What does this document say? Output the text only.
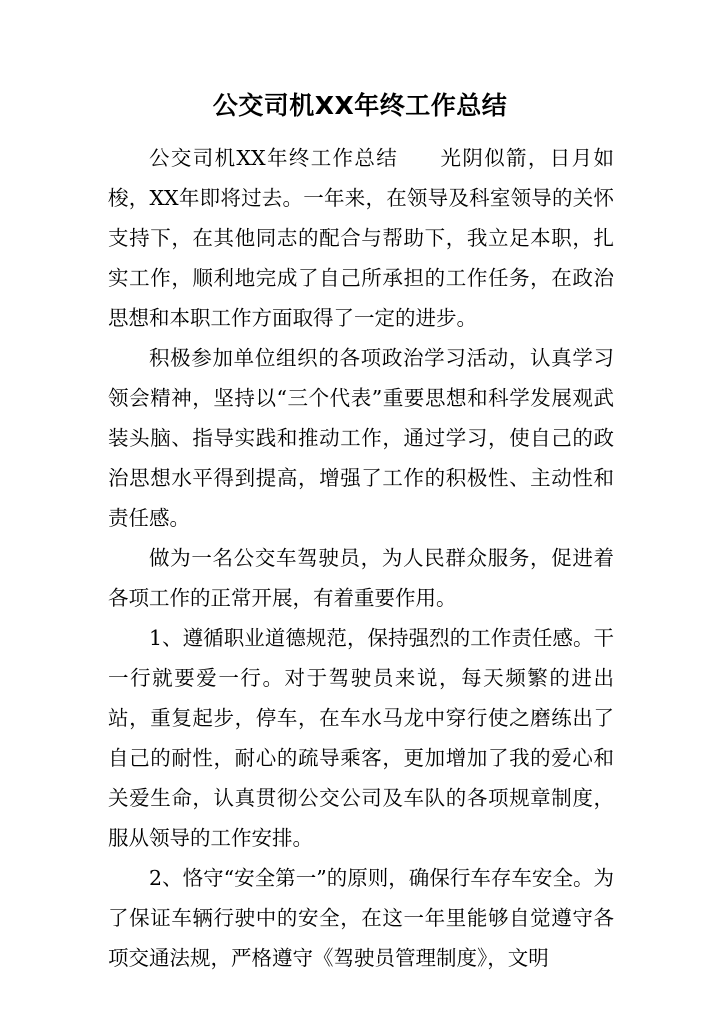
公交司机XX年终工作总结

公交司机XX年终工作总结 光阴似箭，日月如梭，XX年即将过去。一年来，在领导及科室领导的关怀支持下，在其他同志的配合与帮助下，我立足本职，扎实工作，顺利地完成了自己所承担的工作任务，在政治思想和本职工作方面取得了一定的进步。

积极参加单位组织的各项政治学习活动，认真学习领会精神，坚持以“三个代表”重要思想和科学发展观武装头脑、指导实践和推动工作，通过学习，使自己的政治思想水平得到提高，增强了工作的积极性、主动性和责任感。

做为一名公交车驾驶员，为人民群众服务，促进着各项工作的正常开展，有着重要作用。

1、遵循职业道德规范，保持强烈的工作责任感。干一行就要爱一行。对于驾驶员来说，每天频繁的进出站，重复起步，停车，在车水马龙中穿行使之磨练出了自己的耐性，耐心的疏导乘客，更加增加了我的爱心和关爱生命，认真贯彻公交公司及车队的各项规章制度，服从领导的工作安排。

2、恪守“安全第一”的原则，确保行车存车安全。为了保证车辆行驶中的安全，在这一年里能够自觉遵守各项交通法规，严格遵守《驾驶员管理制度》，文明
